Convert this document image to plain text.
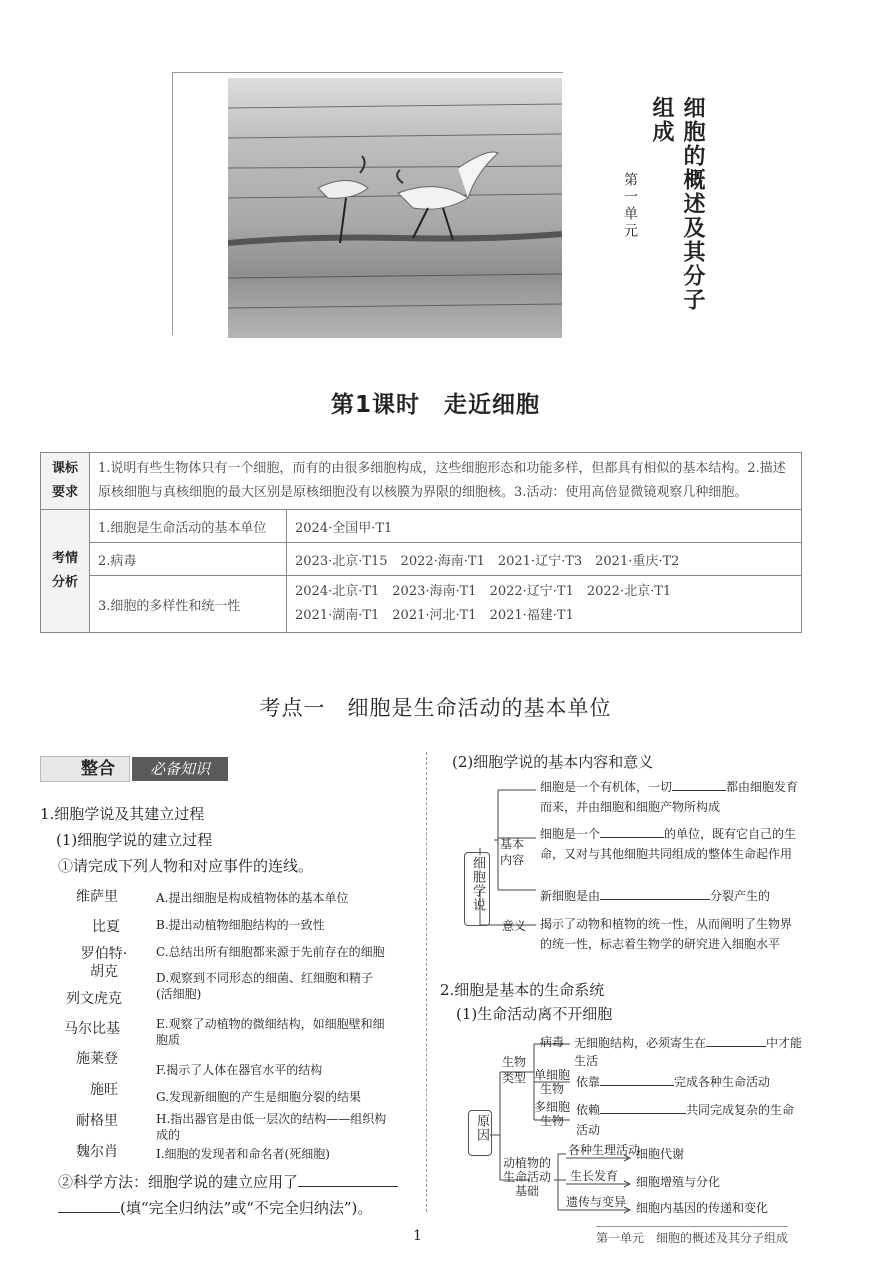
细胞的概述及其分子组成
第一单元
第1课时　走近细胞
课标要求	1.说明有些生物体只有一个细胞，而有的由很多细胞构成，这些细胞形态和功能多样，但都具有相似的基本结构。2.描述原核细胞与真核细胞的最大区别是原核细胞没有以核膜为界限的细胞核。3.活动：使用高倍显微镜观察几种细胞。	
考情分析	1.细胞是生命活动的基本单位	2024·全国甲·T1
	2.病毒	2023·北京·T15　2022·海南·T1　2021·辽宁·T3　2021·重庆·T2
	3.细胞的多样性和统一性	2024·北京·T1　2023·海南·T1　2022·辽宁·T1　2022·北京·T1
2021·湖南·T1　2021·河北·T1　2021·福建·T1
考点一　细胞是生命活动的基本单位
整合 必备知识
1.细胞学说及其建立过程
(1)细胞学说的建立过程
①请完成下列人物和对应事件的连线。
维萨里
比夏
罗伯特·胡克
列文虎克
马尔比基
施莱登
施旺
耐格里
魏尔肖
A.提出细胞是构成植物体的基本单位
B.提出动植物细胞结构的一致性
C.总结出所有细胞都来源于先前存在的细胞
D.观察到不同形态的细菌、红细胞和精子(活细胞)
E.观察了动植物的微细结构，如细胞壁和细胞质
F.揭示了人体在器官水平的结构
G.发现新细胞的产生是细胞分裂的结果
H.指出器官是由低一层次的结构——组织构成的
I.细胞的发现者和命名者(死细胞)
②科学方法：细胞学说的建立应用了
(填“完全归纳法”或“不完全归纳法”)。
(2)细胞学说的基本内容和意义
细胞学说
基本内容
意义
细胞是一个有机体，一切	都由细胞发育而来，并由细胞和细胞产物所构成
细胞是一个	的单位，既有它自己的生命，又对与其他细胞共同组成的整体生命起作用
新细胞是由	分裂产生的
揭示了动物和植物的统一性，从而阐明了生物界的统一性，标志着生物学的研究进入细胞水平
2.细胞是基本的生命系统
(1)生命活动离不开细胞
原因
生物类型
病毒 无细胞结构，必须寄生在	中才能生活
单细胞生物	依靠	完成各种生命活动
多细胞生物
依赖	共同完成复杂的生命活动
动植物的生命活动基础
各种生理活动
细胞代谢
生长发育 细胞增殖与分化
遗传与变异 细胞内基因的传递和变化
1	第一单元　细胞的概述及其分子组成
